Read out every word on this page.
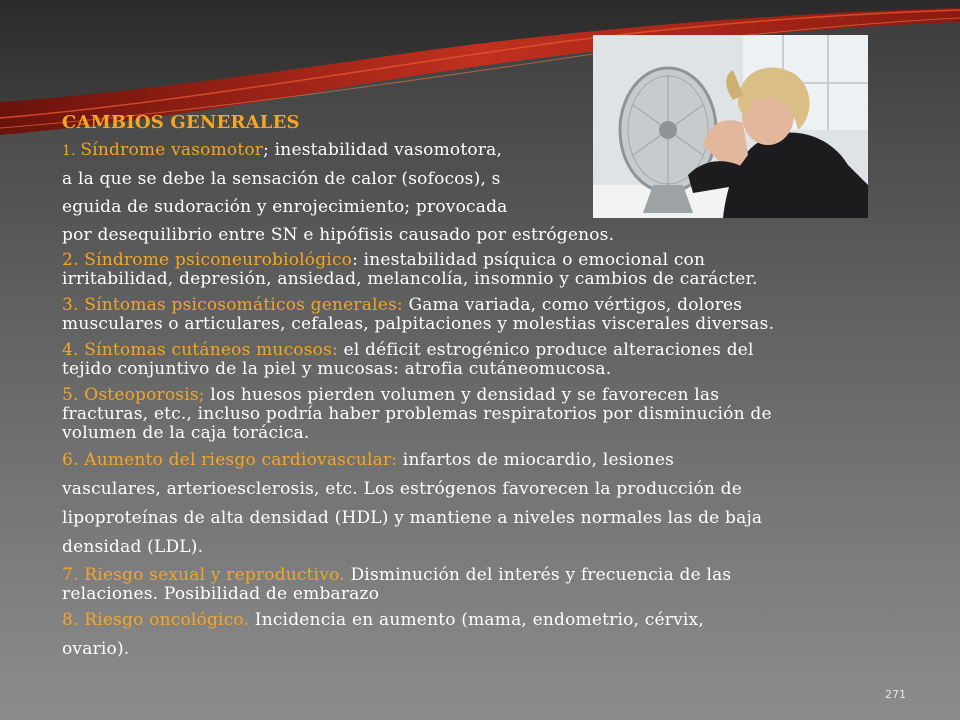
CAMBIOS GENERALES

1. Síndrome vasomotor; inestabilidad vasomotora,

a la que se debe la sensación de calor (sofocos), s

eguida de sudoración y enrojecimiento; provocada

por desequilibrio entre SN e hipófisis causado por estrógenos.

2. Síndrome psiconeurobiológico: inestabilidad psíquica o emocional con

irritabilidad, depresión, ansiedad, melancolía, insomnio y cambios de carácter.

3. Síntomas psicosomáticos generales: Gama variada, como vértigos, dolores

musculares o articulares, cefaleas, palpitaciones y molestias viscerales diversas.

4. Síntomas cutáneos mucosos: el déficit estrogénico produce alteraciones del

tejido conjuntivo de la piel y mucosas: atrofia cutáneomucosa.

5. Osteoporosis; los huesos pierden volumen y densidad y se favorecen las

fracturas, etc., incluso podría haber problemas respiratorios por disminución de

volumen de la caja torácica.

6. Aumento del riesgo cardiovascular: infartos de miocardio, lesiones

vasculares, arterioesclerosis, etc. Los estrógenos favorecen la producción de

lipoproteínas de alta densidad (HDL) y mantiene a niveles normales las de baja

densidad (LDL).

7. Riesgo sexual y reproductivo. Disminución del interés y frecuencia de las

relaciones. Posibilidad de embarazo

8. Riesgo oncológico. Incidencia en aumento (mama, endometrio, cérvix,

ovario).

271
